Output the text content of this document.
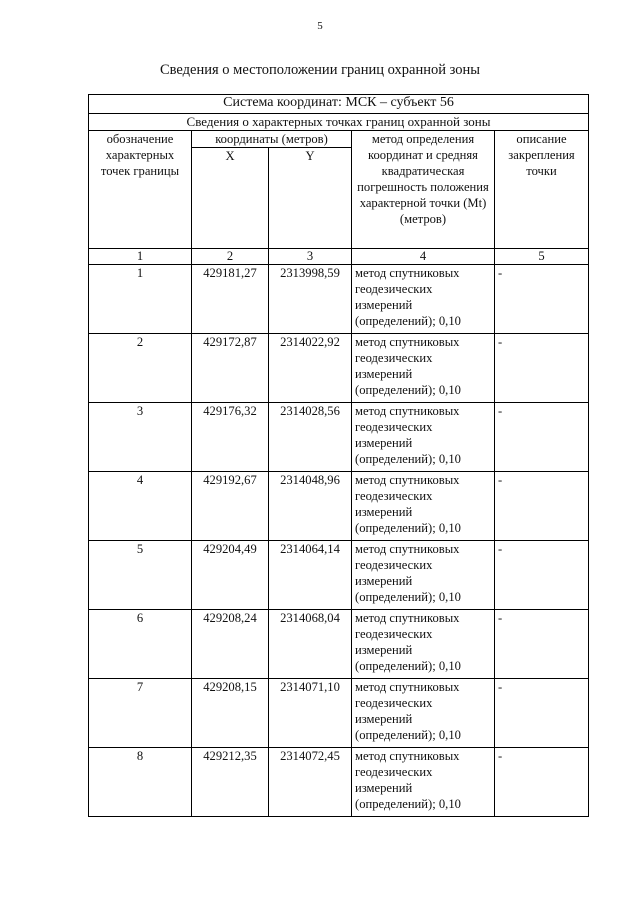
5
Сведения о местоположении границ охранной зоны
Система координат: МСК – субъект 56				
Сведения о характерных точках границ охранной зоны				
обозначение характерных точек границы	координаты (метров)		метод определения координат и средняя квадратическая погрешность положения характерной точки (Mt) (метров)	описание закрепления точки
	X	Y		
1	2	3	4	5
1	429181,27	2313998,59	метод спутниковых геодезических измерений (определений); 0,10	-
2	429172,87	2314022,92	метод спутниковых геодезических измерений (определений); 0,10	-
3	429176,32	2314028,56	метод спутниковых геодезических измерений (определений); 0,10	-
4	429192,67	2314048,96	метод спутниковых геодезических измерений (определений); 0,10	-
5	429204,49	2314064,14	метод спутниковых геодезических измерений (определений); 0,10	-
6	429208,24	2314068,04	метод спутниковых геодезических измерений (определений); 0,10	-
7	429208,15	2314071,10	метод спутниковых геодезических измерений (определений); 0,10	-
8	429212,35	2314072,45	метод спутниковых геодезических измерений (определений); 0,10	-
